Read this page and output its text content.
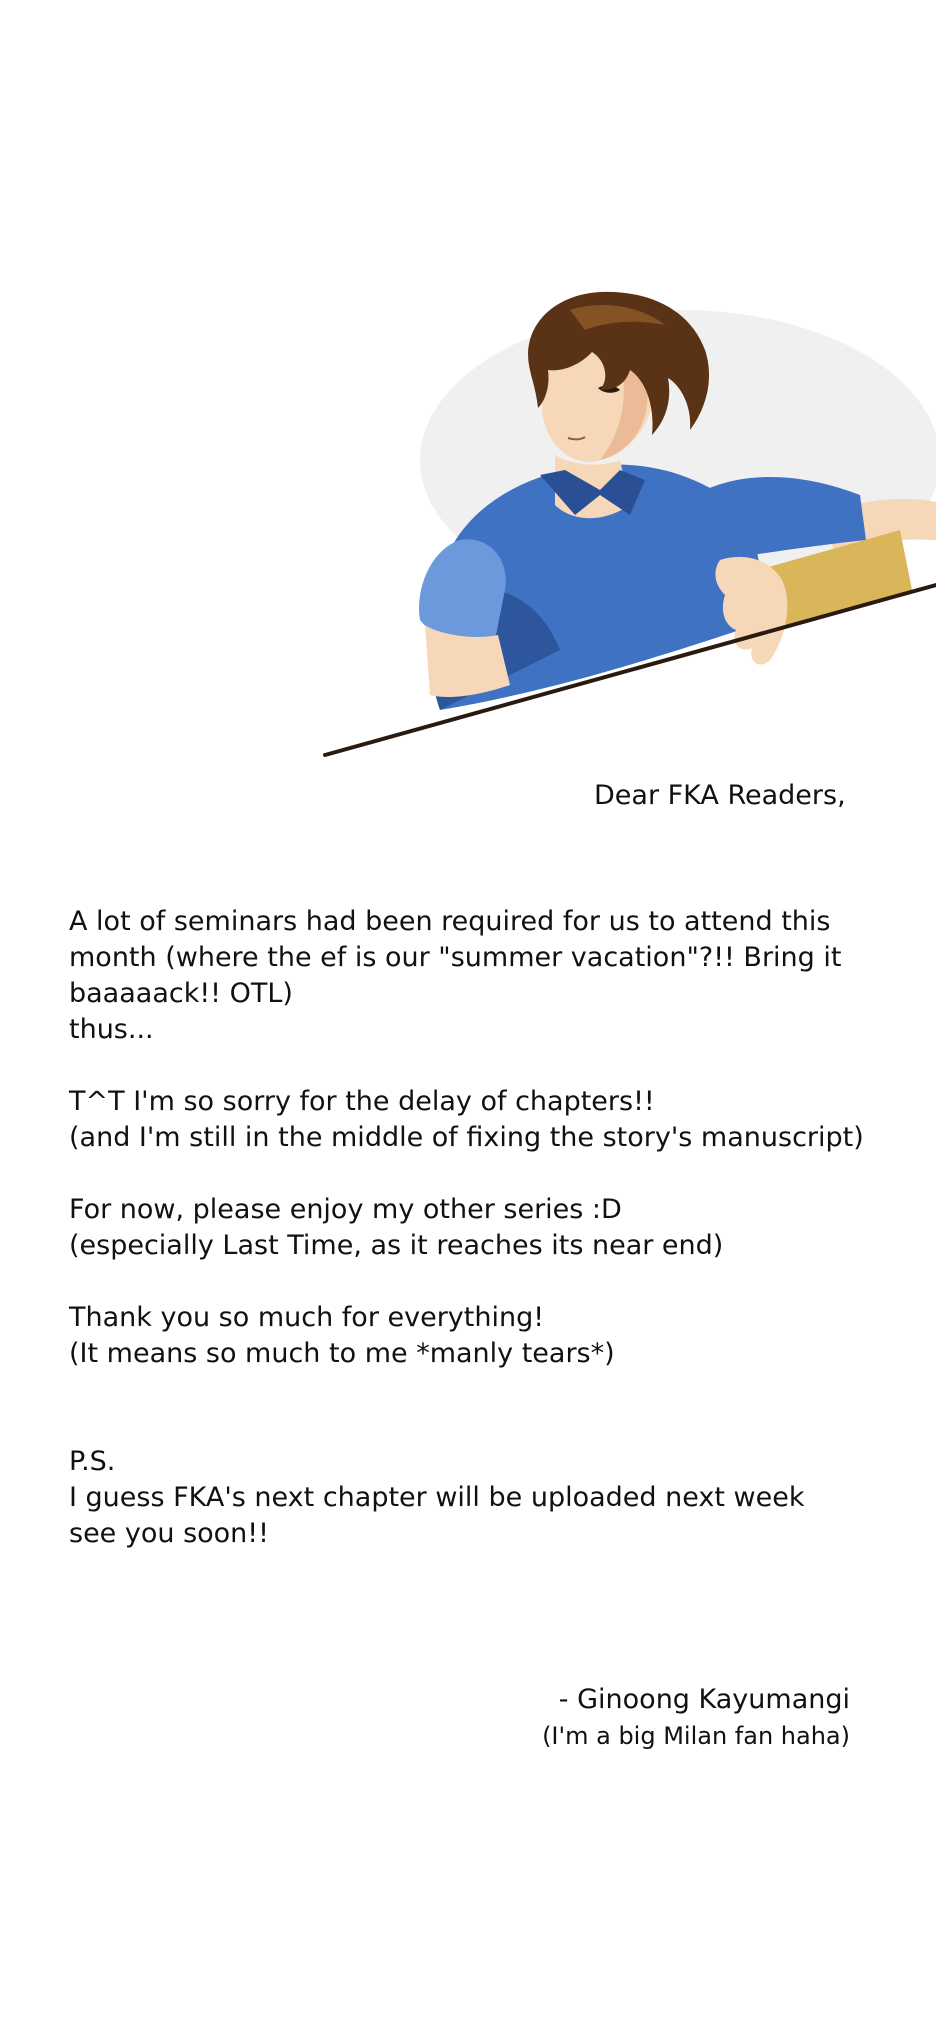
Dear FKA Readers,
A lot of seminars had been required for us to attend this
month (where the ef is our "summer vacation"?!! Bring it
baaaaack!! OTL)
thus...
T^T I'm so sorry for the delay of chapters!!
(and I'm still in the middle of fixing the story's manuscript)
For now, please enjoy my other series :D
(especially Last Time, as it reaches its near end)
Thank you so much for everything!
(It means so much to me *manly tears*)
P.S.
I guess FKA's next chapter will be uploaded next week
see you soon!!
- Ginoong Kayumangi
(I'm a big Milan fan haha)
